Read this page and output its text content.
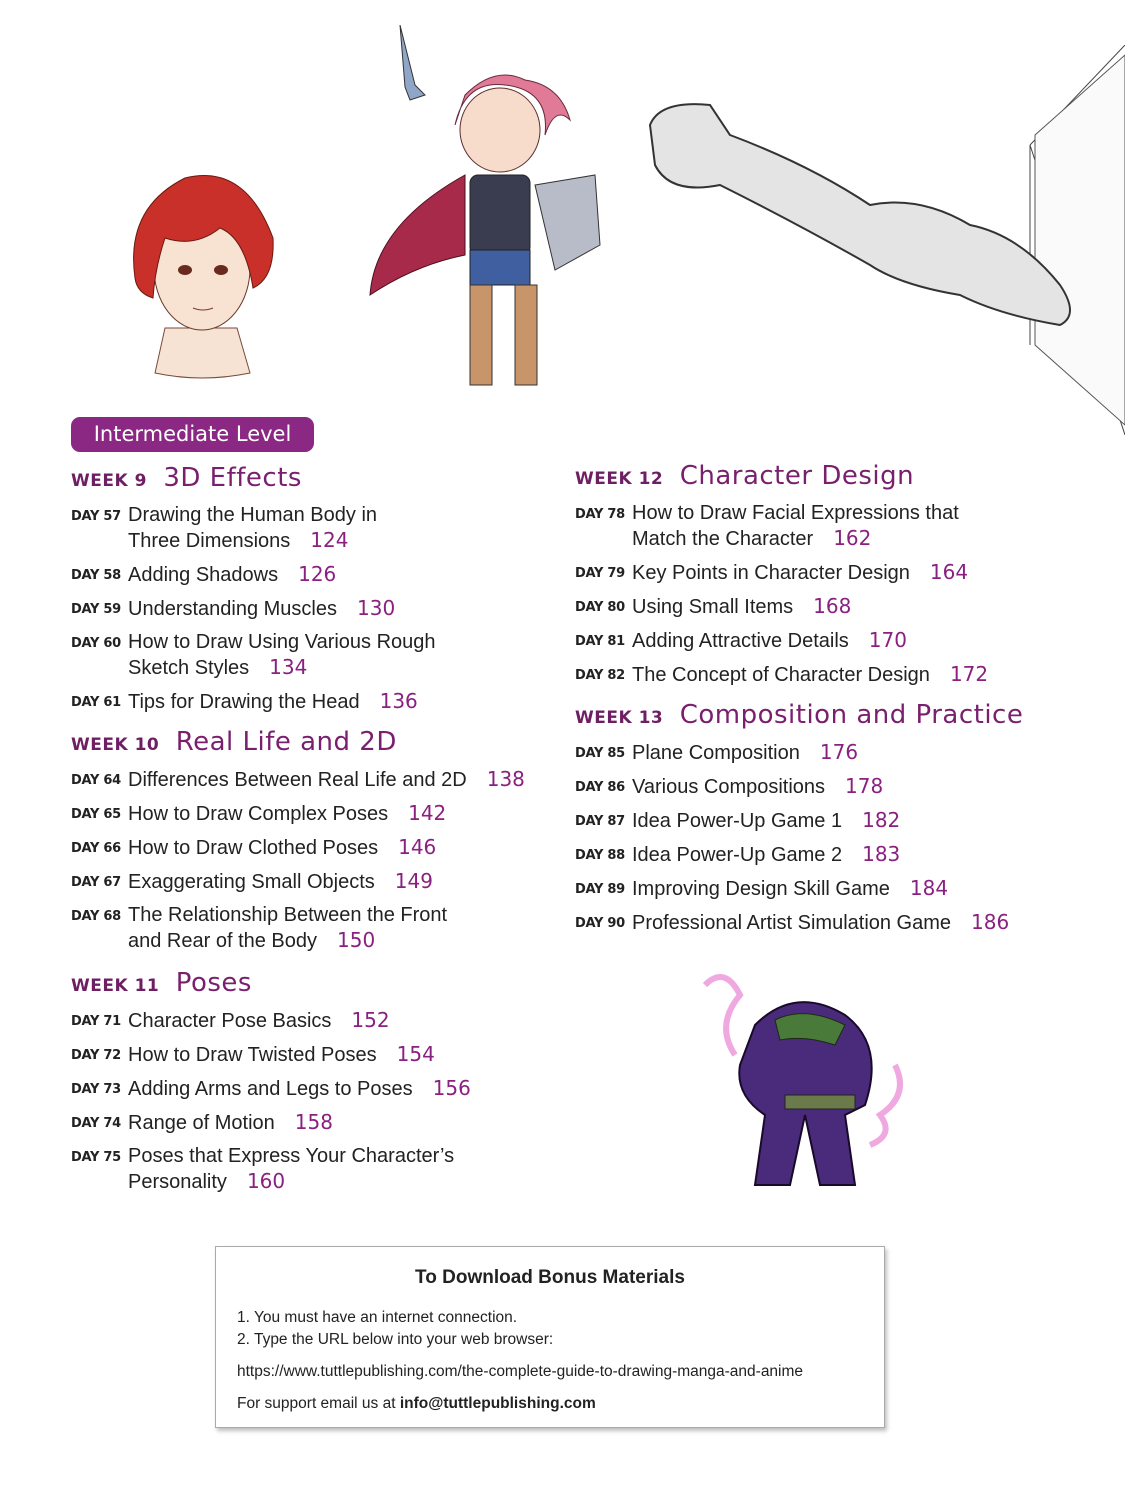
Intermediate Level
WEEK 9 3D Effects
DAY 57 Drawing the Human Body in
Three Dimensions 124
DAY 58 Adding Shadows 126
DAY 59 Understanding Muscles 130
DAY 60 How to Draw Using Various Rough
Sketch Styles 134
DAY 61 Tips for Drawing the Head 136
WEEK 10 Real Life and 2D
DAY 64 Differences Between Real Life and 2D 138
DAY 65 How to Draw Complex Poses 142
DAY 66 How to Draw Clothed Poses 146
DAY 67 Exaggerating Small Objects 149
DAY 68 The Relationship Between the Front
and Rear of the Body 150
WEEK 11 Poses
DAY 71 Character Pose Basics 152
DAY 72 How to Draw Twisted Poses 154
DAY 73 Adding Arms and Legs to Poses 156
DAY 74 Range of Motion 158
DAY 75 Poses that Express Your Character’s
Personality 160
WEEK 12 Character Design
DAY 78 How to Draw Facial Expressions that
Match the Character 162
DAY 79 Key Points in Character Design 164
DAY 80 Using Small Items 168
DAY 81 Adding Attractive Details 170
DAY 82 The Concept of Character Design 172
WEEK 13 Composition and Practice
DAY 85 Plane Composition 176
DAY 86 Various Compositions 178
DAY 87 Idea Power-Up Game 1 182
DAY 88 Idea Power-Up Game 2 183
DAY 89 Improving Design Skill Game 184
DAY 90 Professional Artist Simulation Game 186
To Download Bonus Materials

1. You must have an internet connection.

2. Type the URL below into your web browser:

https://www.tuttlepublishing.com/the-complete-guide-to-drawing-manga-and-anime

For support email us at info@tuttlepublishing.com
